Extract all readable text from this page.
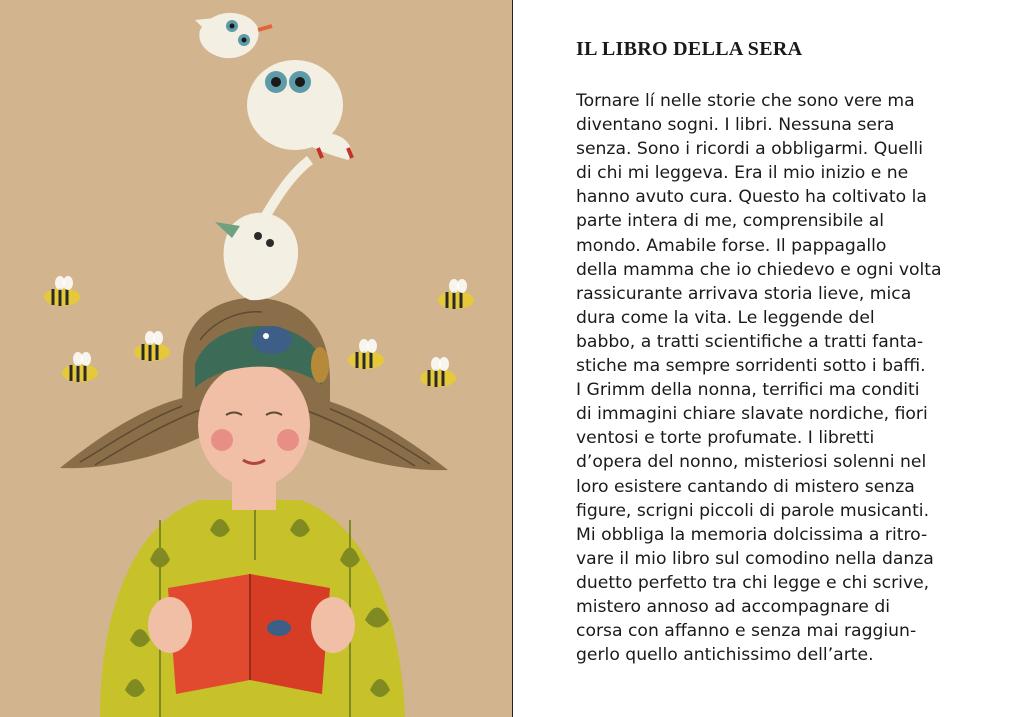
IL LIBRO DELLA SERA
Tornare lí nelle storie che sono vere ma
diventano sogni. I libri. Nessuna sera
senza. Sono i ricordi a obbligarmi. Quelli
di chi mi leggeva. Era il mio inizio e ne
hanno avuto cura. Questo ha coltivato la
parte intera di me, comprensibile al
mondo. Amabile forse. Il pappagallo
della mamma che io chiedevo e ogni volta
rassicurante arrivava storia lieve, mica
dura come la vita. Le leggende del
babbo, a tratti scientifiche a tratti fanta-
stiche ma sempre sorridenti sotto i baffi.
I Grimm della nonna, terrifici ma conditi
di immagini chiare slavate nordiche, fiori
ventosi e torte profumate. I libretti
d’opera del nonno, misteriosi solenni nel
loro esistere cantando di mistero senza
figure, scrigni piccoli di parole musicanti.
Mi obbliga la memoria dolcissima a ritro-
vare il mio libro sul comodino nella danza
duetto perfetto tra chi legge e chi scrive,
mistero annoso ad accompagnare di
corsa con affanno e senza mai raggiun-
gerlo quello antichissimo dell’arte.
